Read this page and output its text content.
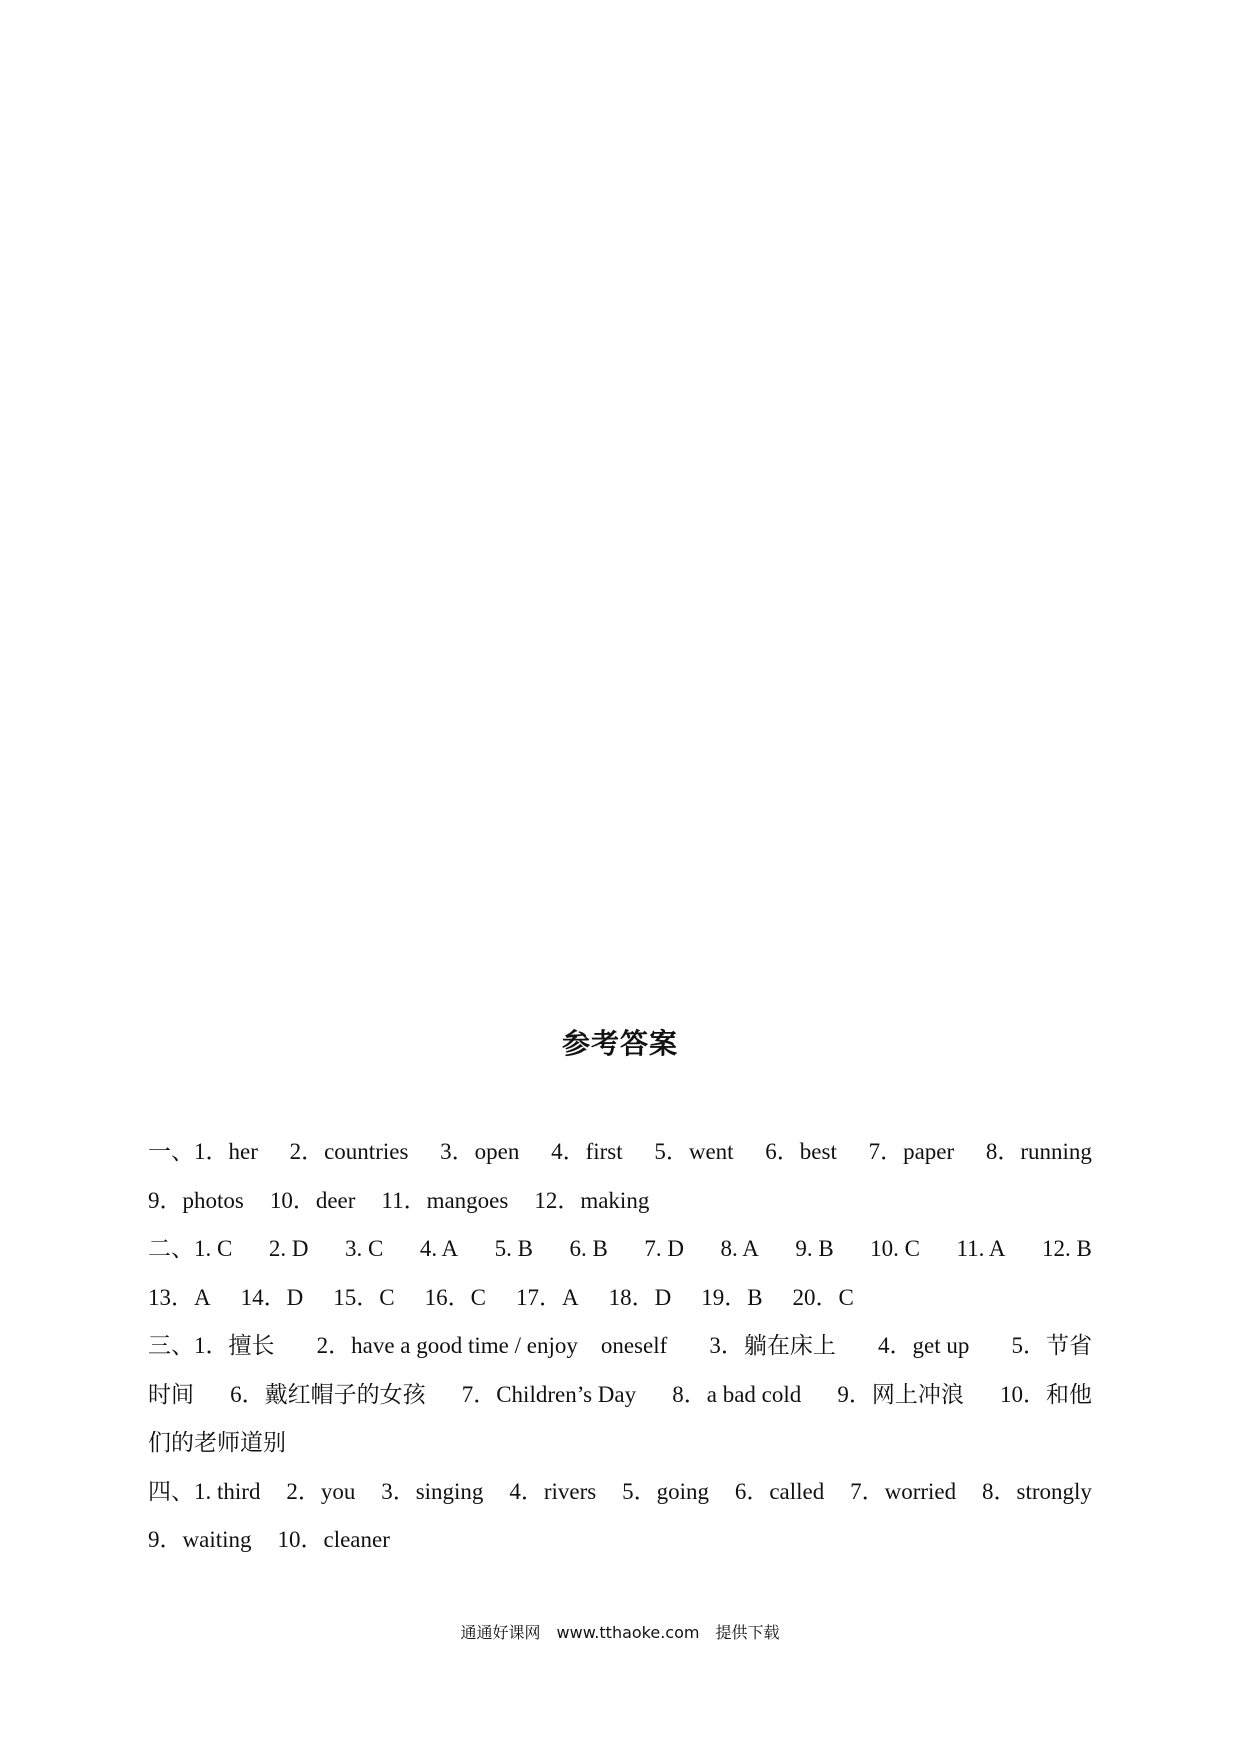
参考答案
一、1．her 2．countries 3．open 4．first 5．went 6．best 7．paper 8．running
9．photos 10．deer 11．mangoes 12．making
二、1. C 2. D 3. C 4. A 5. B 6. B 7. D 8. A 9. B 10. C 11. A 12. B
13．A 14．D 15．C 16．C 17．A 18．D 19．B 20．C
三、1．擅长 2．have a good time / enjoy　oneself 3．躺在床上 4．get up 5．节省
时间 6．戴红帽子的女孩 7．Children’s Day 8．a bad cold 9．网上冲浪 10．和他
们的老师道别
四、1. third 2．you 3．singing 4．rivers 5．going 6．called 7．worried 8．strongly
9．waiting 10．cleaner
通通好课网　www.tthaoke.com　提供下载
